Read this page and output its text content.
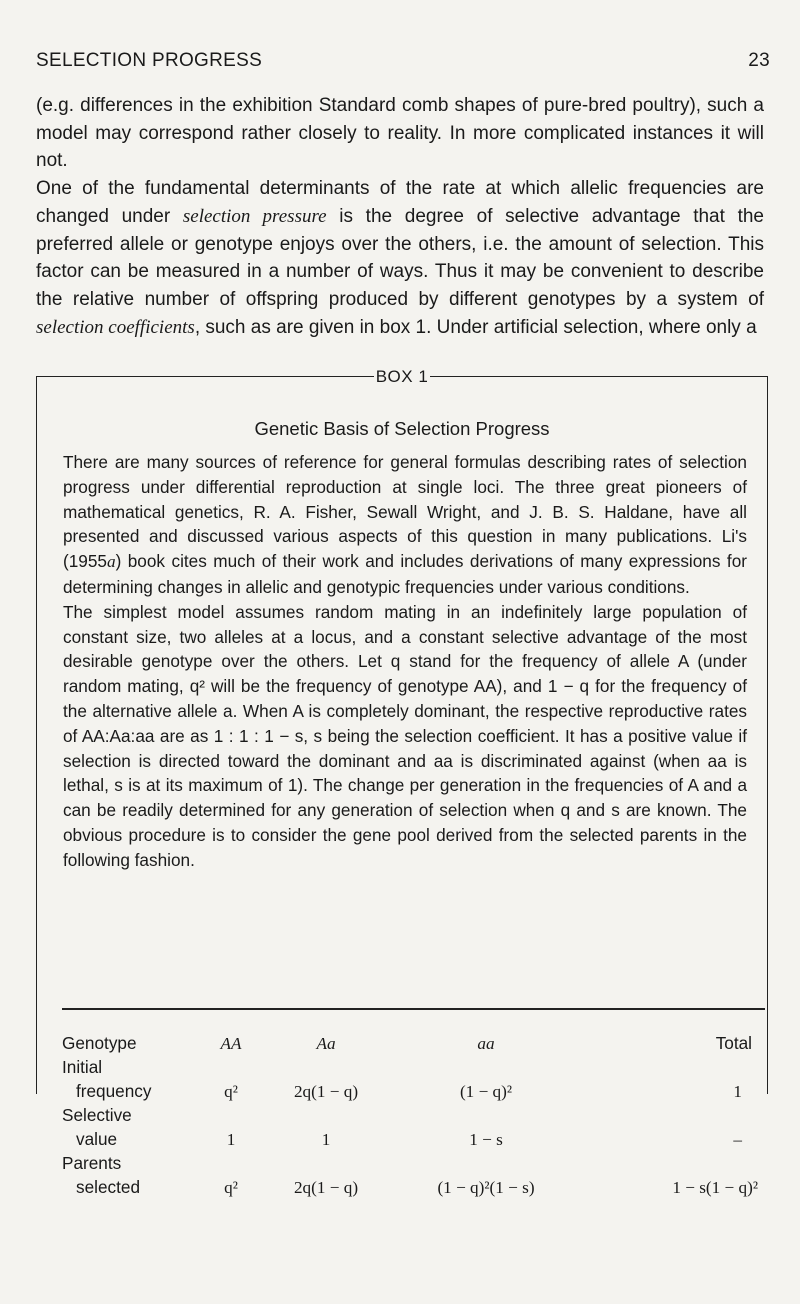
SELECTION PROGRESS	23

(e.g. differences in the exhibition Standard comb shapes of pure-bred poultry), such a model may correspond rather closely to reality. In more complicated instances it will not.

One of the fundamental determinants of the rate at which allelic frequencies are changed under selection pressure is the degree of selective advantage that the preferred allele or genotype enjoys over the others, i.e. the amount of selection. This factor can be measured in a number of ways. Thus it may be convenient to describe the relative number of offspring produced by different genotypes by a system of selection coefficients, such as are given in box 1. Under artificial selection, where only a

BOX 1
Genetic Basis of Selection Progress

There are many sources of reference for general formulas describing rates of selection progress under differential reproduction at single loci. The three great pioneers of mathematical genetics, R. A. Fisher, Sewall Wright, and J. B. S. Haldane, have all presented and discussed various aspects of this question in many publications. Li's (1955a) book cites much of their work and includes derivations of many expressions for determining changes in allelic and genotypic frequencies under various conditions.

The simplest model assumes random mating in an indefinitely large population of constant size, two alleles at a locus, and a constant selective advantage of the most desirable genotype over the others. Let q stand for the frequency of allele A (under random mating, q² will be the frequency of genotype AA), and 1 − q for the frequency of the alternative allele a. When A is completely dominant, the respective reproductive rates of AA:Aa:aa are as 1 : 1 : 1 − s, s being the selection coefficient. It has a positive value if selection is directed toward the dominant and aa is discriminated against (when aa is lethal, s is at its maximum of 1). The change per generation in the frequencies of A and a can be readily determined for any generation of selection when q and s are known. The obvious procedure is to consider the gene pool derived from the selected parents in the following fashion.

Genotype	AA	Aa	aa	Total
Initial				
frequency	q²	2q(1 − q)	(1 − q)²	1
Selective				
value	1	1	1 − s	–
Parents				
selected	q²	2q(1 − q)	(1 − q)²(1 − s)	1 − s(1 − q)²
